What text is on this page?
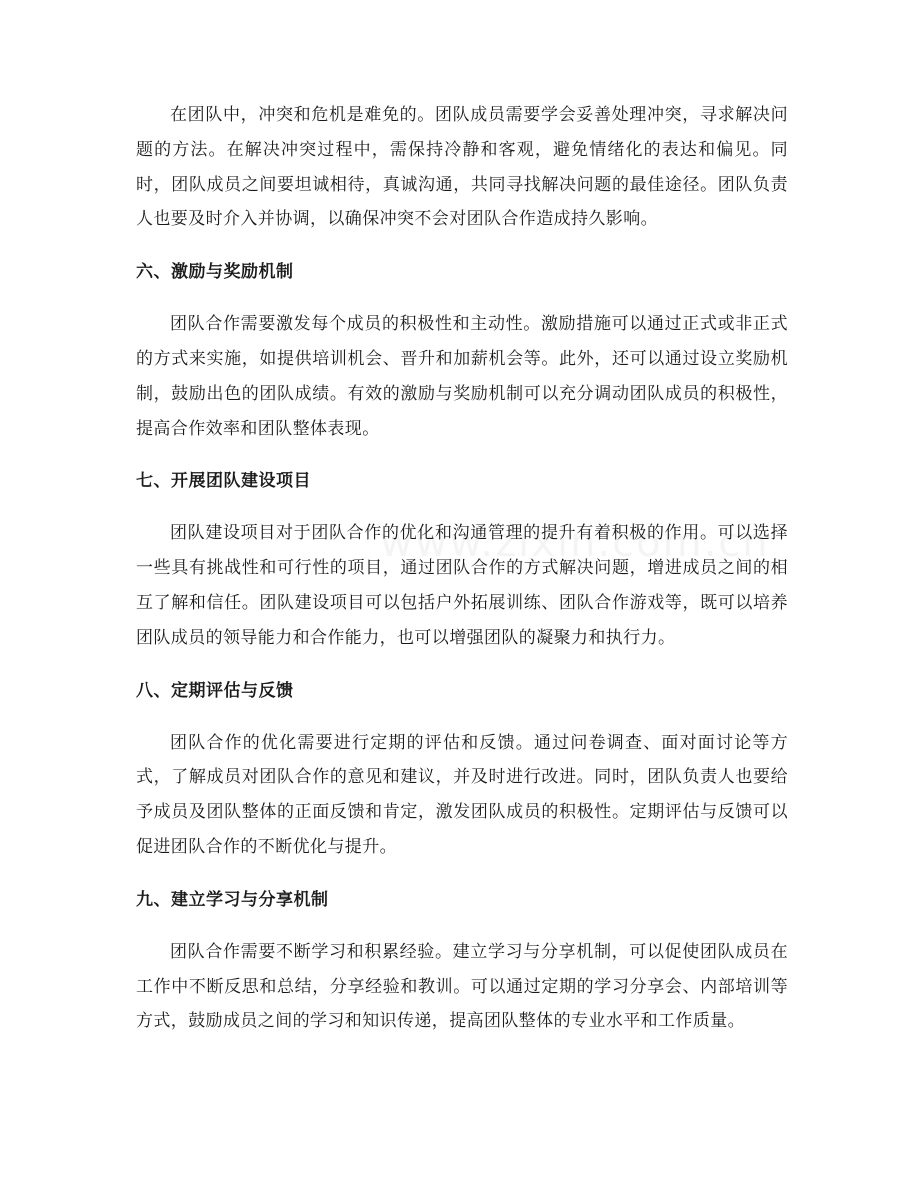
在团队中，冲突和危机是难免的。团队成员需要学会妥善处理冲突，寻求解决问题的方法。在解决冲突过程中，需保持冷静和客观，避免情绪化的表达和偏见。同时，团队成员之间要坦诚相待，真诚沟通，共同寻找解决问题的最佳途径。团队负责人也要及时介入并协调，以确保冲突不会对团队合作造成持久影响。

六、激励与奖励机制

团队合作需要激发每个成员的积极性和主动性。激励措施可以通过正式或非正式的方式来实施，如提供培训机会、晋升和加薪机会等。此外，还可以通过设立奖励机制，鼓励出色的团队成绩。有效的激励与奖励机制可以充分调动团队成员的积极性，提高合作效率和团队整体表现。

七、开展团队建设项目

团队建设项目对于团队合作的优化和沟通管理的提升有着积极的作用。可以选择一些具有挑战性和可行性的项目，通过团队合作的方式解决问题，增进成员之间的相互了解和信任。团队建设项目可以包括户外拓展训练、团队合作游戏等，既可以培养团队成员的领导能力和合作能力，也可以增强团队的凝聚力和执行力。

八、定期评估与反馈

团队合作的优化需要进行定期的评估和反馈。通过问卷调查、面对面讨论等方式，了解成员对团队合作的意见和建议，并及时进行改进。同时，团队负责人也要给予成员及团队整体的正面反馈和肯定，激发团队成员的积极性。定期评估与反馈可以促进团队合作的不断优化与提升。

九、建立学习与分享机制

团队合作需要不断学习和积累经验。建立学习与分享机制，可以促使团队成员在工作中不断反思和总结，分享经验和教训。可以通过定期的学习分享会、内部培训等方式，鼓励成员之间的学习和知识传递，提高团队整体的专业水平和工作质量。
